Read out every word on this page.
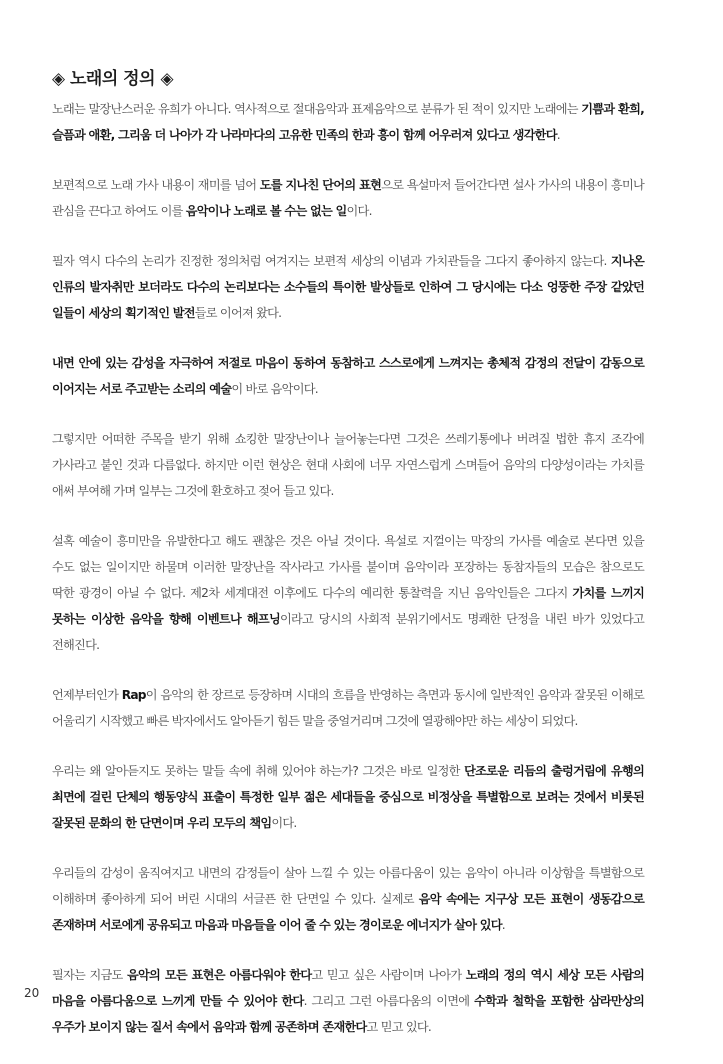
◈ 노래의 정의 ◈

노래는 말장난스러운 유희가 아니다. 역사적으로 절대음악과 표제음악으로 분류가 된 적이 있지만 노래에는 기쁨과 환희, 슬픔과 애환, 그리움 더 나아가 각 나라마다의 고유한 민족의 한과 흥이 함께 어우러져 있다고 생각한다.

보편적으로 노래 가사 내용이 재미를 넘어 도를 지나친 단어의 표현으로 욕설마저 들어간다면 설사 가사의 내용이 흥미나 관심을 끈다고 하여도 이를 음악이나 노래로 볼 수는 없는 일이다.

필자 역시 다수의 논리가 진정한 정의처럼 여겨지는 보편적 세상의 이념과 가치관들을 그다지 좋아하지 않는다. 지나온 인류의 발자취만 보더라도 다수의 논리보다는 소수들의 특이한 발상들로 인하여 그 당시에는 다소 엉뚱한 주장 같았던 일들이 세상의 획기적인 발전들로 이어져 왔다.

내면 안에 있는 감성을 자극하여 저절로 마음이 동하여 동참하고 스스로에게 느껴지는 총체적 감정의 전달이 감동으로 이어지는 서로 주고받는 소리의 예술이 바로 음악이다.

그렇지만 어떠한 주목을 받기 위해 쇼킹한 말장난이나 늘어놓는다면 그것은 쓰레기통에나 버려질 법한 휴지 조각에 가사라고 붙인 것과 다름없다. 하지만 이런 현상은 현대 사회에 너무 자연스럽게 스며들어 음악의 다양성이라는 가치를 애써 부여해 가며 일부는 그것에 환호하고 젖어 들고 있다.

설혹 예술이 흥미만을 유발한다고 해도 괜찮은 것은 아닐 것이다. 욕설로 지껄이는 막장의 가사를 예술로 본다면 있을 수도 없는 일이지만 하물며 이러한 말장난을 작사라고 가사를 붙이며 음악이라 포장하는 동참자들의 모습은 참으로도 딱한 광경이 아닐 수 없다. 제2차 세계대전 이후에도 다수의 예리한 통찰력을 지닌 음악인들은 그다지 가치를 느끼지 못하는 이상한 음악을 향해 이벤트나 해프닝이라고 당시의 사회적 분위기에서도 명쾌한 단정을 내린 바가 있었다고 전해진다.

언제부터인가 Rap이 음악의 한 장르로 등장하며 시대의 흐름을 반영하는 측면과 동시에 일반적인 음악과 잘못된 이해로 어울리기 시작했고 빠른 박자에서도 알아듣기 힘든 말을 중얼거리며 그것에 열광해야만 하는 세상이 되었다.

우리는 왜 알아듣지도 못하는 말들 속에 취해 있어야 하는가? 그것은 바로 일정한 단조로운 리듬의 출렁거림에 유행의 최면에 걸린 단체의 행동양식 표출이 특정한 일부 젊은 세대들을 중심으로 비정상을 특별함으로 보려는 것에서 비롯된 잘못된 문화의 한 단면이며 우리 모두의 책임이다.

우리들의 감성이 움직여지고 내면의 감정들이 살아 느낄 수 있는 아름다움이 있는 음악이 아니라 이상함을 특별함으로 이해하며 좋아하게 되어 버린 시대의 서글픈 한 단면일 수 있다. 실제로 음악 속에는 지구상 모든 표현이 생동감으로 존재하며 서로에게 공유되고 마음과 마음들을 이어 줄 수 있는 경이로운 에너지가 살아 있다.

필자는 지금도 음악의 모든 표현은 아름다워야 한다고 믿고 싶은 사람이며 나아가 노래의 정의 역시 세상 모든 사람의 마음을 아름다움으로 느끼게 만들 수 있어야 한다. 그리고 그런 아름다움의 이면에 수학과 철학을 포함한 삼라만상의 우주가 보이지 않는 질서 속에서 음악과 함께 공존하며 존재한다고 믿고 있다.

20
